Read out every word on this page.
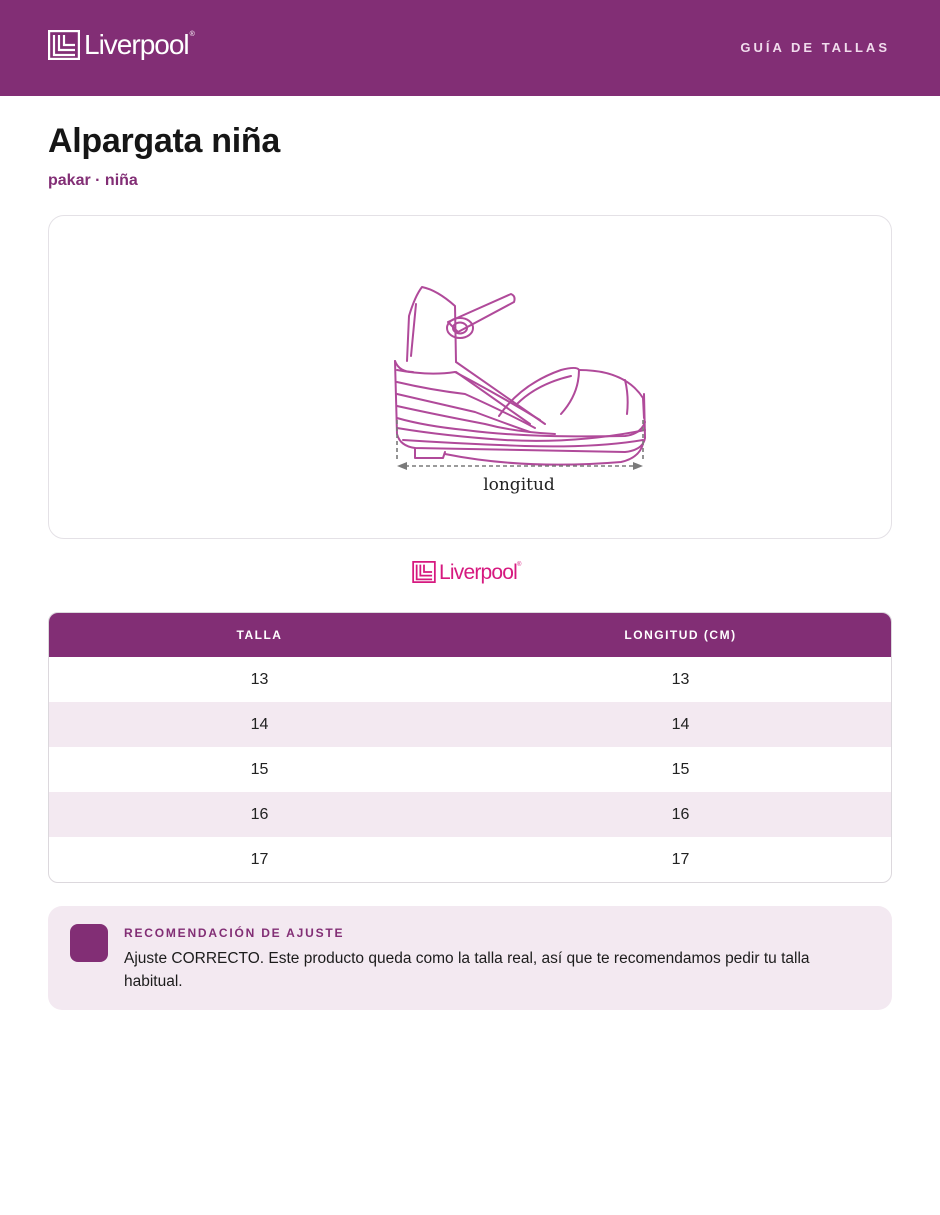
Liverpool®
GUÍA DE TALLAS
Alpargata niña
pakar · niña
longitud
Liverpool®
TALLA	LONGITUD (CM)
13	13
14	14
15	15
16	16
17	17
RECOMENDACIÓN DE AJUSTE

Ajuste CORRECTO. Este producto queda como la talla real, así que te recomendamos pedir tu talla habitual.
